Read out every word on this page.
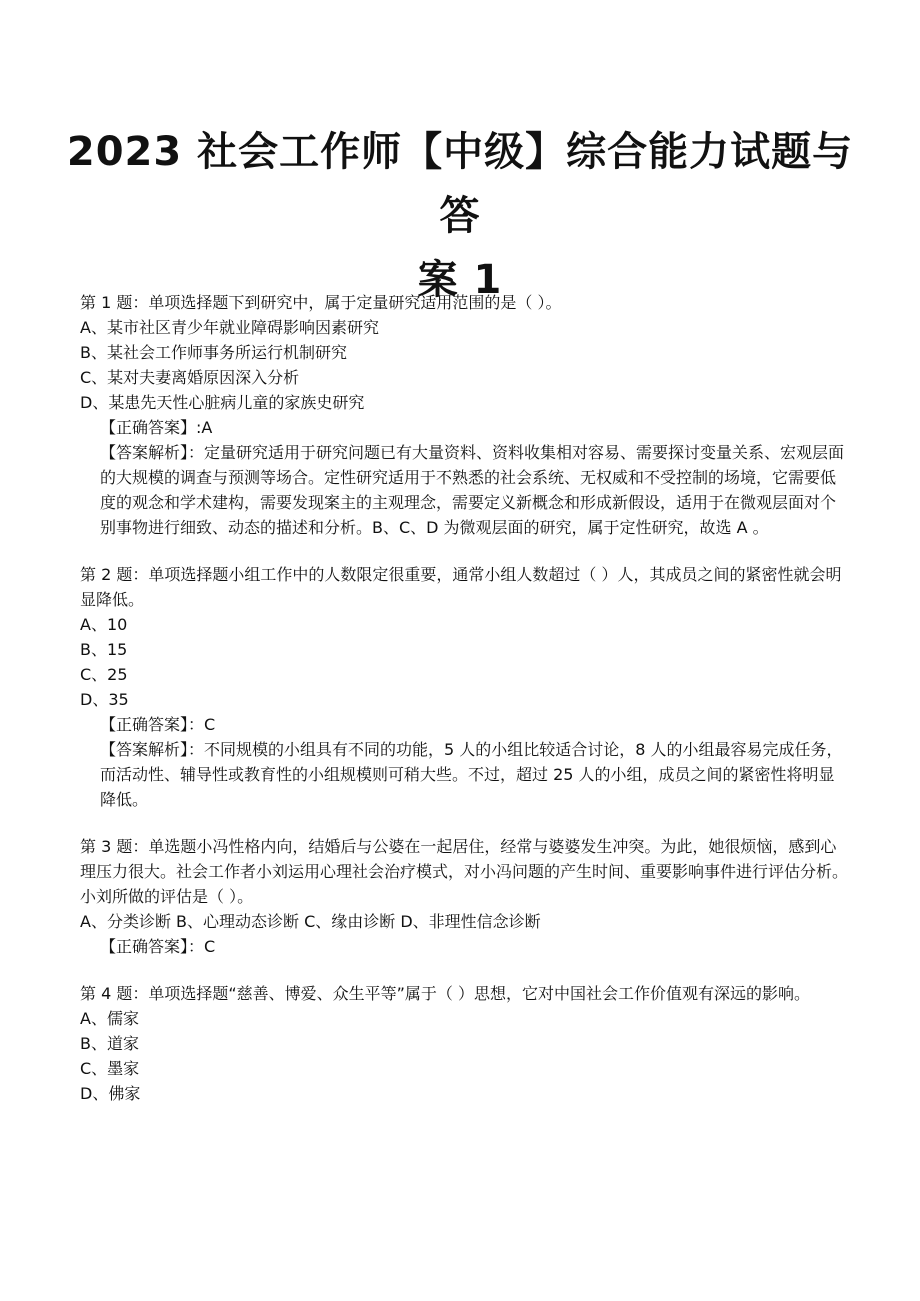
2023 社会工作师【中级】综合能力试题与答
案 1
第 1 题：单项选择题下到研究中，属于定量研究适用范围的是（ ）。
A、某市社区青少年就业障碍影响因素研究
B、某社会工作师事务所运行机制研究
C、某对夫妻离婚原因深入分析
D、某患先天性心脏病儿童的家族史研究
【正确答案】:A
【答案解析】：定量研究适用于研究问题已有大量资料、资料收集相对容易、需要探讨变量关系、宏观层面的大规模的调查与预测等场合。定性研究适用于不熟悉的社会系统、无权威和不受控制的场境，它需要低度的观念和学术建构，需要发现案主的主观理念，需要定义新概念和形成新假设，适用于在微观层面对个别事物进行细致、动态的描述和分析。B、C、D 为微观层面的研究，属于定性研究，故选 A 。
第 2 题：单项选择题小组工作中的人数限定很重要，通常小组人数超过（ ）人，其成员之间的紧密性就会明显降低。
A、10
B、15
C、25
D、35
【正确答案】：C
【答案解析】：不同规模的小组具有不同的功能，5 人的小组比较适合讨论，8 人的小组最容易完成任务，而活动性、辅导性或教育性的小组规模则可稍大些。不过，超过 25 人的小组，成员之间的紧密性将明显降低。
第 3 题：单选题小冯性格内向，结婚后与公婆在一起居住，经常与婆婆发生冲突。为此，她很烦恼，感到心理压力很大。社会工作者小刘运用心理社会治疗模式，对小冯问题的产生时间、重要影响事件进行评估分析。小刘所做的评估是（ ）。
A、分类诊断 B、心理动态诊断 C、缘由诊断 D、非理性信念诊断
【正确答案】：C
第 4 题：单项选择题“慈善、博爱、众生平等”属于（ ）思想，它对中国社会工作价值观有深远的影响。
A、儒家
B、道家
C、墨家
D、佛家
